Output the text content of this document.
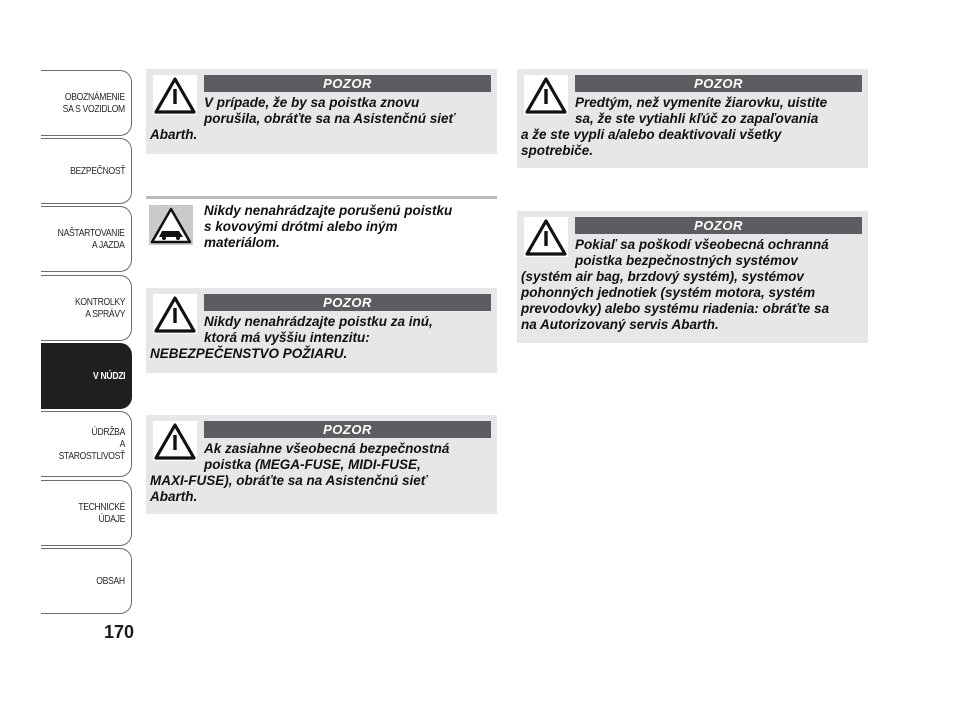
OBOZNÁMENIE
SA S VOZIDLOM
BEZPEČNOSŤ
NAŠTARTOVANIE
A JAZDA
KONTROLKY
A SPRÁVY
V NÚDZI
ÚDRŽBA
A STAROSTLIVOSŤ
TECHNICKÉ
ÚDAJE
OBSAH
170
POZOR
V prípade, že by sa poistka znovu
porušila, obráťte sa na Asistenčnú sieť
Abarth.
Nikdy nenahrádzajte porušenú poistku
s kovovými drótmi alebo iným
materiálom.
POZOR
Nikdy nenahrádzajte poistku za inú,
ktorá má vyššiu intenzitu:
NEBEZPEČENSTVO POŽIARU.
POZOR
Ak zasiahne všeobecná bezpečnostná
poistka (MEGA-FUSE, MIDI-FUSE,
MAXI-FUSE), obráťte sa na Asistenčnú sieť
Abarth.
POZOR
Predtým, než vymeníte žiarovku, uistite
sa, že ste vytiahli kľúč zo zapaľovania
a že ste vypli a/alebo deaktivovali všetky
spotrebiče.
POZOR
Pokiaľ sa poškodí všeobecná ochranná
poistka bezpečnostných systémov
(systém air bag, brzdový systém), systémov
pohonných jednotiek (systém motora, systém
prevodovky) alebo systému riadenia: obráťte sa
na Autorizovaný servis Abarth.
